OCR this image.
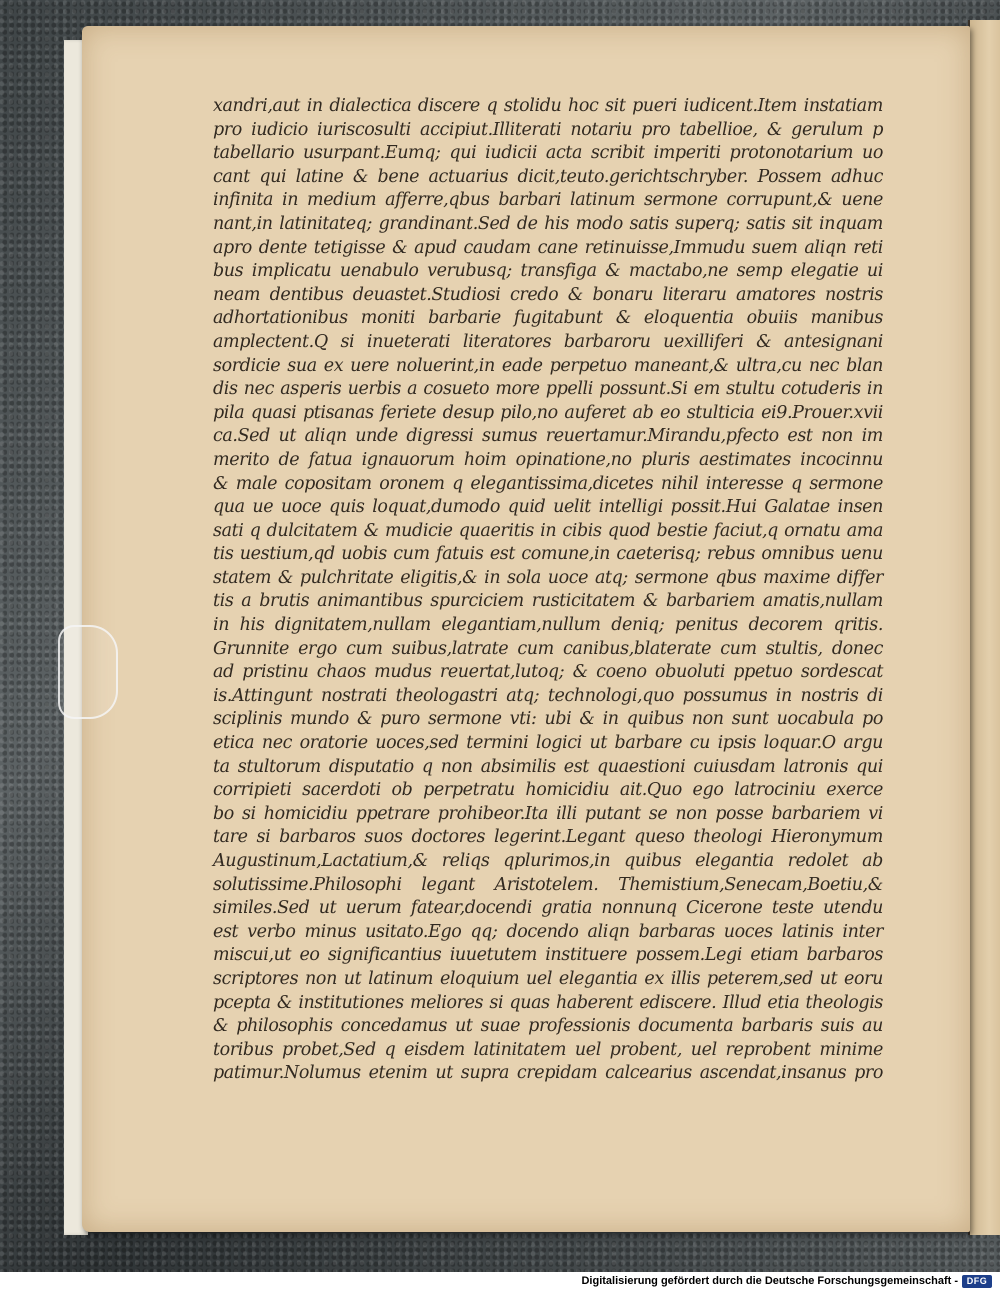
xandri,aut in dialectica discere q stolidu hoc sit pueri iudicent.Item instatiam
pro iudicio iuriscosulti accipiut.Illiterati notariu pro tabellioe, & gerulum p
tabellario usurpant.Eumq; qui iudicii acta scribit imperiti protonotarium uo
cant qui latine & bene actuarius dicit,teuto.gerichtschryber. Possem adhuc
infinita in medium afferre,qbus barbari latinum sermone corrupunt,& uene
nant,in latinitateq; grandinant.Sed de his modo satis superq; satis sit inquam
apro dente tetigisse & apud caudam cane retinuisse,Immudu suem aliqn reti
bus implicatu uenabulo verubusq; transfiga & mactabo,ne semp elegatie ui
neam dentibus deuastet.Studiosi credo & bonaru literaru amatores nostris
adhortationibus moniti barbarie fugitabunt & eloquentia obuiis manibus
amplectent.Q si inueterati literatores barbaroru uexilliferi & antesignani
sordicie sua ex uere noluerint,in eade perpetuo maneant,& ultra,cu nec blan
dis nec asperis uerbis a cosueto more ppelli possunt.Si em stultu cotuderis in
pila quasi ptisanas feriete desup pilo,no auferet ab eo stulticia ei9.Prouer.xvii
ca.Sed ut aliqn unde digressi sumus reuertamur.Mirandu,pfecto est non im
merito de fatua ignauorum hoim opinatione,no pluris aestimates incocinnu
& male copositam oronem q elegantissima,dicetes nihil interesse q sermone
qua ue uoce quis loquat,dumodo quid uelit intelligi possit.Hui Galatae insen
sati q dulcitatem & mudicie quaeritis in cibis quod bestie faciut,q ornatu ama
tis uestium,qd uobis cum fatuis est comune,in caeterisq; rebus omnibus uenu
statem & pulchritate eligitis,& in sola uoce atq; sermone qbus maxime differ
tis a brutis animantibus spurciciem rusticitatem & barbariem amatis,nullam
in his dignitatem,nullam elegantiam,nullum deniq; penitus decorem qritis.
Grunnite ergo cum suibus,latrate cum canibus,blaterate cum stultis, donec
ad pristinu chaos mudus reuertat,lutoq; & coeno obuoluti ppetuo sordescat
is.Attingunt nostrati theologastri atq; technologi,quo possumus in nostris di
sciplinis mundo & puro sermone vti: ubi & in quibus non sunt uocabula po
etica nec oratorie uoces,sed termini logici ut barbare cu ipsis loquar.O argu
ta stultorum disputatio q non absimilis est quaestioni cuiusdam latronis qui
corripieti sacerdoti ob perpetratu homicidiu ait.Quo ego latrociniu exerce
bo si homicidiu ppetrare prohibeor.Ita illi putant se non posse barbariem vi
tare si barbaros suos doctores legerint.Legant queso theologi Hieronymum
Augustinum,Lactatium,& reliqs qplurimos,in quibus elegantia redolet ab
solutissime.Philosophi legant Aristotelem. Themistium,Senecam,Boetiu,&
similes.Sed ut uerum fatear,docendi gratia nonnunq Cicerone teste utendu
est verbo minus usitato.Ego qq; docendo aliqn barbaras uoces latinis inter
miscui,ut eo significantius iuuetutem instituere possem.Legi etiam barbaros
scriptores non ut latinum eloquium uel elegantia ex illis peterem,sed ut eoru
pcepta & institutiones meliores si quas haberent ediscere. Illud etia theologis
& philosophis concedamus ut suae professionis documenta barbaris suis au
toribus probet,Sed q eisdem latinitatem uel probent, uel reprobent minime
patimur.Nolumus etenim ut supra crepidam calcearius ascendat,insanus pro
Digitalisierung gefördert durch die Deutsche Forschungsgemeinschaft - DFG
